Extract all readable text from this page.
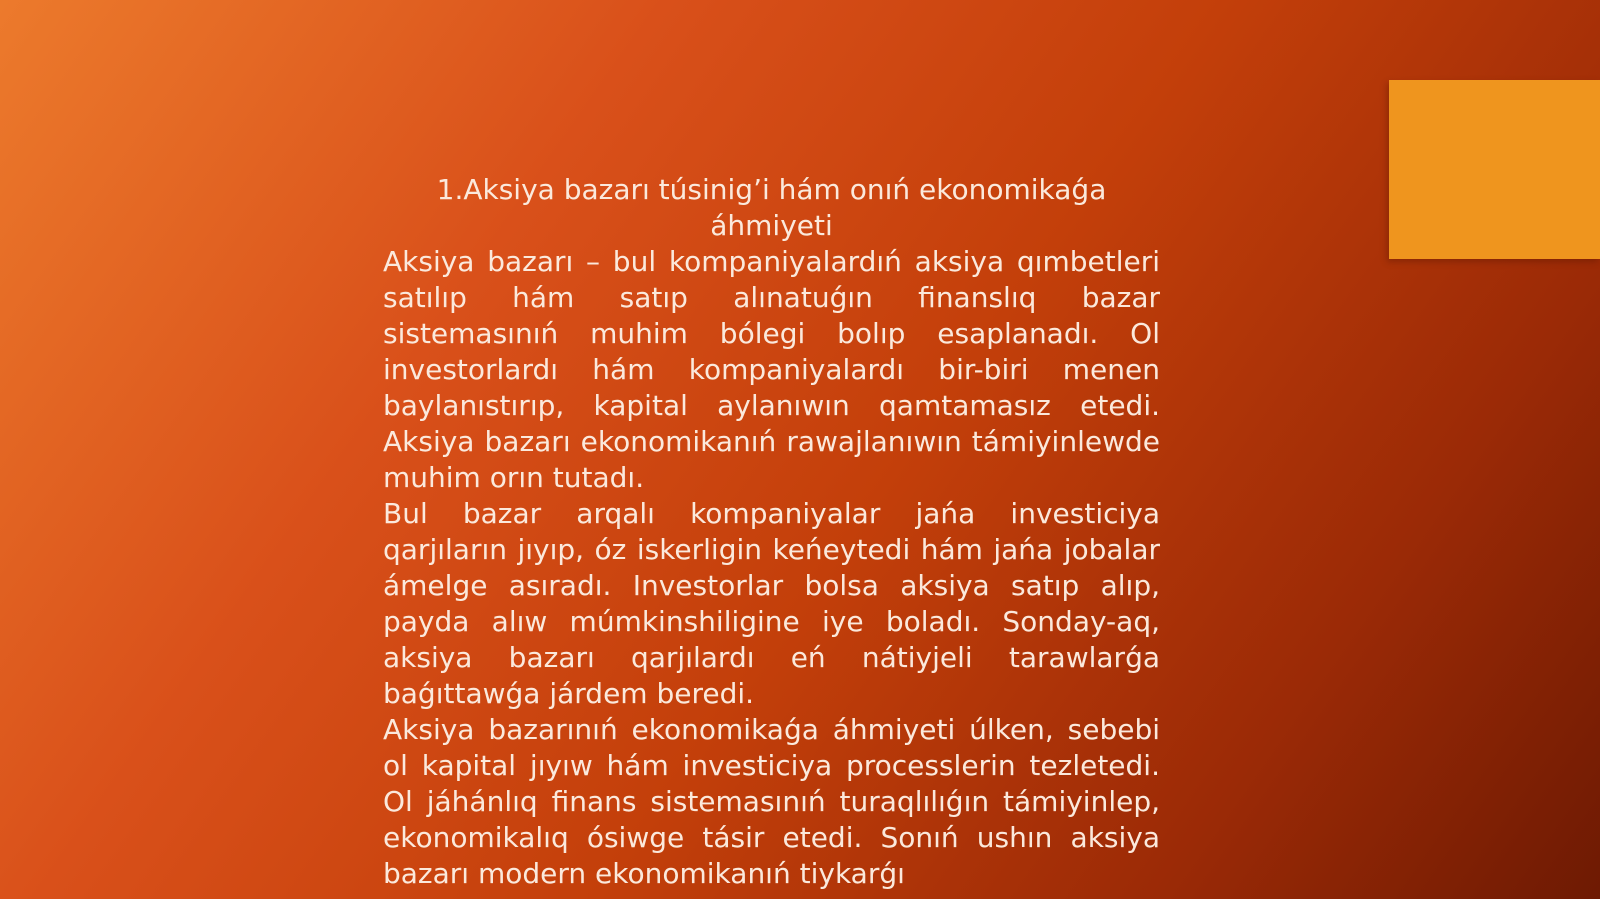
1.Aksiya bazarı túsinig’i hám onıń ekonomikaǵa áhmiyeti

Aksiya bazarı – bul kompaniyalardıń aksiya qımbetleri satılıp hám satıp alınatuǵın finanslıq bazar sistemasınıń muhim bólegi bolıp esaplanadı. Ol investorlardı hám kompaniyalardı bir-biri menen baylanıstırıp, kapital aylanıwın qamtamasız etedi. Aksiya bazarı ekonomikanıń rawajlanıwın támiyinlewde muhim orın tutadı.

Bul bazar arqalı kompaniyalar jańa investiciya qarjıların jıyıp, óz iskerligin keńeytedi hám jańa jobalar ámelge asıradı. Investorlar bolsa aksiya satıp alıp, payda alıw múmkinshiligine iye boladı. Sonday-aq, aksiya bazarı qarjılardı eń nátiyjeli tarawlarǵa baǵıttawǵa járdem beredi.

Aksiya bazarınıń ekonomikaǵa áhmiyeti úlken, sebebi ol kapital jıyıw hám investiciya processlerin tezletedi. Ol jáhánlıq finans sistemasınıń turaqlılıǵın támiyinlep, ekonomikalıq ósiwge tásir etedi. Sonıń ushın aksiya bazarı modern ekonomikanıń tiykarǵı
